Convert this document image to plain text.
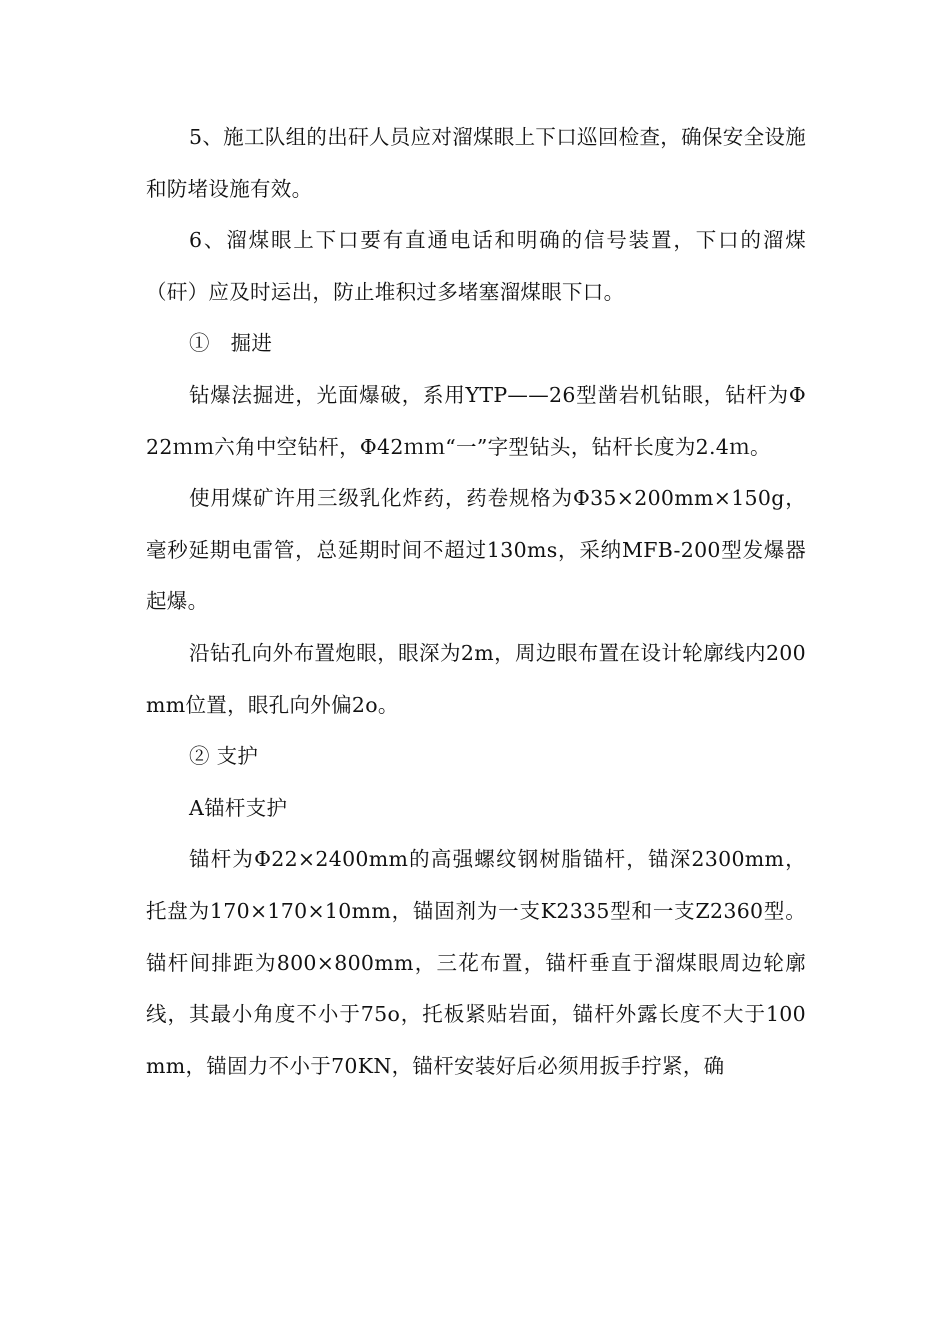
5、施工队组的出矸人员应对溜煤眼上下口巡回检查，确保安全设施和防堵设施有效。

6、溜煤眼上下口要有直通电话和明确的信号装置，下口的溜煤（矸）应及时运出，防止堆积过多堵塞溜煤眼下口。

①　掘进

钻爆法掘进，光面爆破，系用YTP——26型凿岩机钻眼，钻杆为Φ22ｍｍ六角中空钻杆，Φ42ｍｍ“一”字型钻头，钻杆长度为2.4ｍ。

使用煤矿许用三级乳化炸药，药卷规格为Φ35×200mm×150g，毫秒延期电雷管，总延期时间不超过130ms，采纳MFB-200型发爆器起爆。

沿钻孔向外布置炮眼，眼深为2m，周边眼布置在设计轮廓线内200mm位置，眼孔向外偏2o。

② 支护

A锚杆支护

锚杆为Φ22×2400mm的高强螺纹钢树脂锚杆，锚深2300mm，托盘为170×170×10mm，锚固剂为一支K2335型和一支Z2360型。锚杆间排距为800×800mm，三花布置，锚杆垂直于溜煤眼周边轮廓线，其最小角度不小于75o，托板紧贴岩面，锚杆外露长度不大于100mm，锚固力不小于70KN，锚杆安装好后必须用扳手拧紧，确
